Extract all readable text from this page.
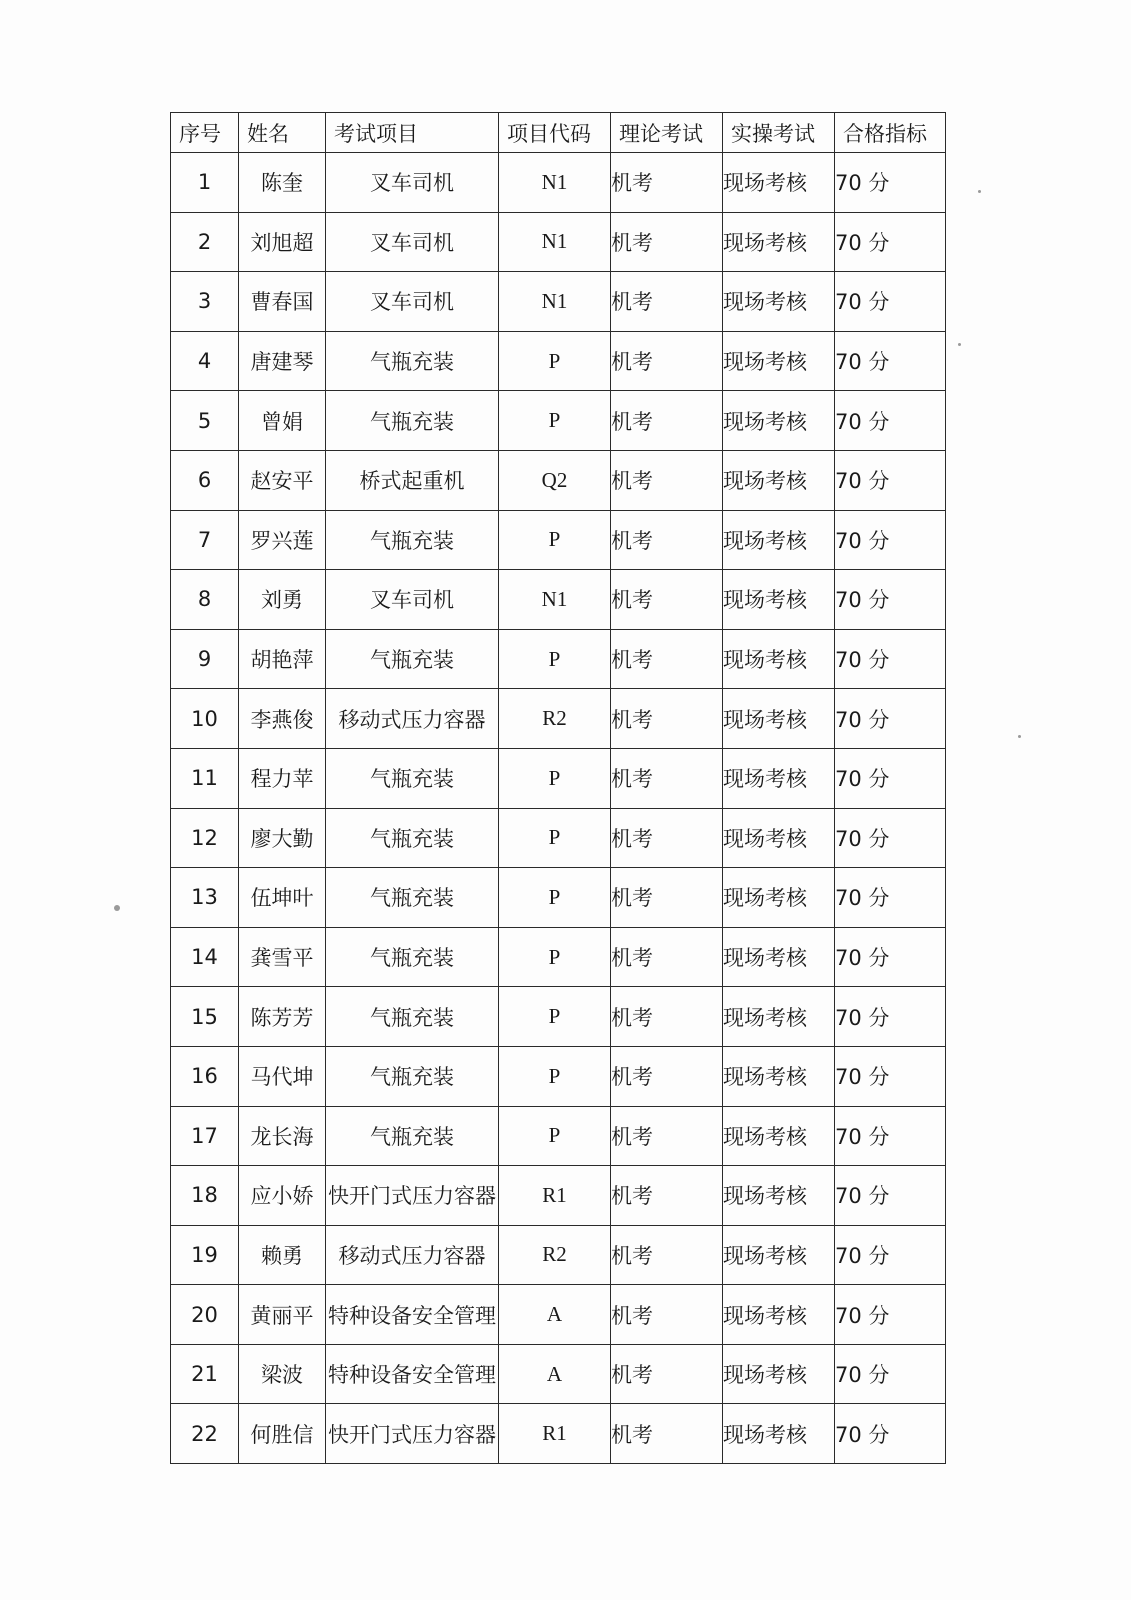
序号	姓名	考试项目	项目代码	理论考试	实操考试	合格指标
1	陈奎	叉车司机	N1	机考	现场考核	70 分
2	刘旭超	叉车司机	N1	机考	现场考核	70 分
3	曹春国	叉车司机	N1	机考	现场考核	70 分
4	唐建琴	气瓶充装	P	机考	现场考核	70 分
5	曾娟	气瓶充装	P	机考	现场考核	70 分
6	赵安平	桥式起重机	Q2	机考	现场考核	70 分
7	罗兴莲	气瓶充装	P	机考	现场考核	70 分
8	刘勇	叉车司机	N1	机考	现场考核	70 分
9	胡艳萍	气瓶充装	P	机考	现场考核	70 分
10	李燕俊	移动式压力容器	R2	机考	现场考核	70 分
11	程力苹	气瓶充装	P	机考	现场考核	70 分
12	廖大勤	气瓶充装	P	机考	现场考核	70 分
13	伍坤叶	气瓶充装	P	机考	现场考核	70 分
14	龚雪平	气瓶充装	P	机考	现场考核	70 分
15	陈芳芳	气瓶充装	P	机考	现场考核	70 分
16	马代坤	气瓶充装	P	机考	现场考核	70 分
17	龙长海	气瓶充装	P	机考	现场考核	70 分
18	应小娇	快开门式压力容器	R1	机考	现场考核	70 分
19	赖勇	移动式压力容器	R2	机考	现场考核	70 分
20	黄丽平	特种设备安全管理	A	机考	现场考核	70 分
21	梁波	特种设备安全管理	A	机考	现场考核	70 分
22	何胜信	快开门式压力容器	R1	机考	现场考核	70 分
